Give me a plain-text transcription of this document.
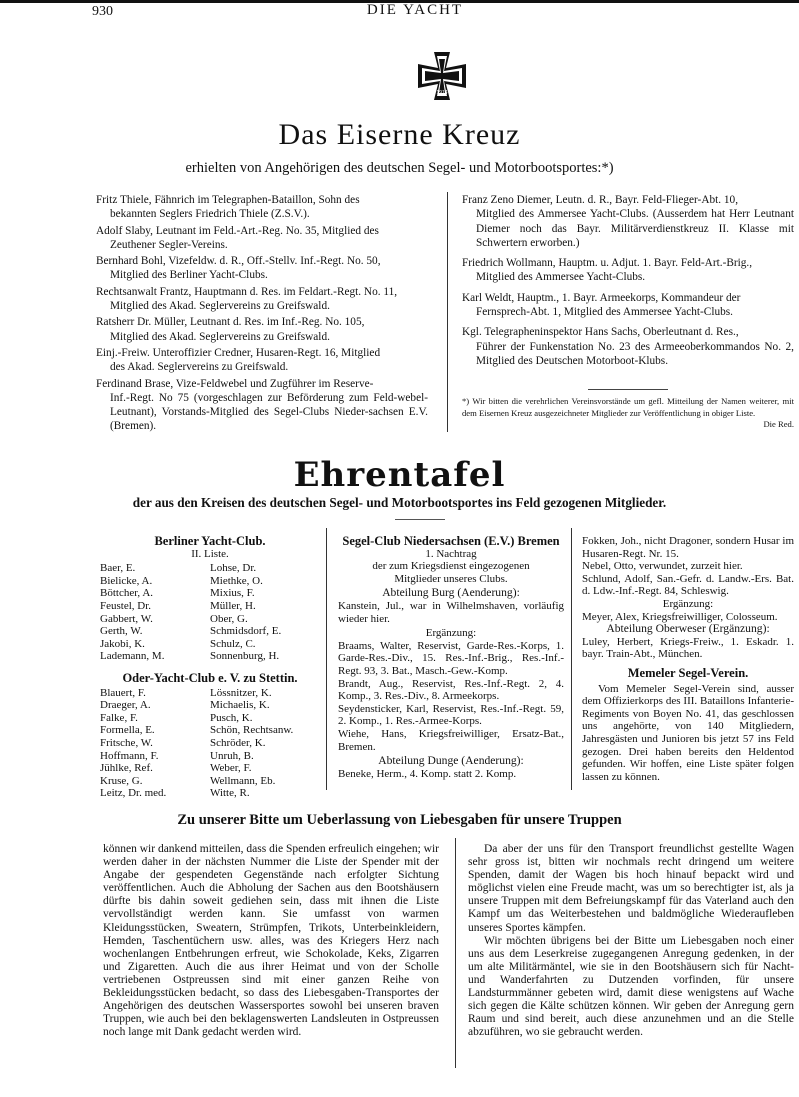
930	DIE YACHT
1914
Das Eiserne Kreuz
erhielten von Angehörigen des deutschen Segel- und Motorbootsportes:*)
Fritz Thiele, Fähnrich im Telegraphen-Bataillon, Sohn des
bekannten Seglers Friedrich Thiele (Z.S.V.).
Adolf Slaby, Leutnant im Feld.-Art.-Reg. No. 35, Mitglied des
Zeuthener Segler-Vereins.
Bernhard Bohl, Vizefeldw. d. R., Off.-Stellv. Inf.-Regt. No. 50,
Mitglied des Berliner Yacht-Clubs.
Rechtsanwalt Frantz, Hauptmann d. Res. im Feldart.-Regt. No. 11,
Mitglied des Akad. Seglervereins zu Greifswald.
Ratsherr Dr. Müller, Leutnant d. Res. im Inf.-Reg. No. 105,
Mitglied des Akad. Seglervereins zu Greifswald.
Einj.-Freiw. Unteroffizier Credner, Husaren-Regt. 16, Mitglied
des Akad. Seglervereins zu Greifswald.
Ferdinand Brase, Vize-Feldwebel und Zugführer im Reserve-
Inf.-Regt. No 75 (vorgeschlagen zur Beförderung zum Feld-webel-Leutnant), Vorstands-Mitglied des Segel-Clubs Nieder-sachsen E.V. (Bremen).
Franz Zeno Diemer, Leutn. d. R., Bayr. Feld-Flieger-Abt. 10,
Mitglied des Ammersee Yacht-Clubs. (Ausserdem hat Herr Leutnant Diemer noch das Bayr. Militärverdienstkreuz II. Klasse mit Schwertern erworben.)
Friedrich Wollmann, Hauptm. u. Adjut. 1. Bayr. Feld-Art.-Brig.,
Mitglied des Ammersee Yacht-Clubs.
Karl Weldt, Hauptm., 1. Bayr. Armeekorps, Kommandeur der
Fernsprech-Abt. 1, Mitglied des Ammersee Yacht-Clubs.
Kgl. Telegrapheninspektor Hans Sachs, Oberleutnant d. Res.,
Führer der Funkenstation No. 23 des Armeeoberkommandos No. 2, Mitglied des Deutschen Motorboot-Klubs.
*) Wir bitten die verehrlichen Vereinsvorstände um gefl. Mitteilung der Namen weiterer, mit dem Eisernen Kreuz ausgezeichneter Mitglieder zur Veröffentlichung in obiger Liste.
Die Red.
Ehrentafel
der aus den Kreisen des deutschen Segel- und Motorbootsportes ins Feld gezogenen Mitglieder.
Berliner Yacht-Club.
II. Liste.
Baer, E.
Bielicke, A.
Böttcher, A.
Feustel, Dr.
Gabbert, W.
Gerth, W.
Jakobi, K.
Lademann, M.
Lohse, Dr.
Miethke, O.
Mixius, F.
Müller, H.
Ober, G.
Schmidsdorf, E.
Schulz, C.
Sonnenburg, H.
Oder-Yacht-Club e. V. zu Stettin.
Blauert, F.
Draeger, A.
Falke, F.
Formella, E.
Fritsche, W.
Hoffmann, F.
Jühlke, Ref.
Kruse, G.
Leitz, Dr. med.
Lössnitzer, K.
Michaelis, K.
Pusch, K.
Schön, Rechtsanw.
Schröder, K.
Unruh, B.
Weber, F.
Wellmann, Eb.
Witte, R.
Segel-Club Niedersachsen (E.V.) Bremen
1. Nachtrag
der zum Kriegsdienst eingezogenen
Mitglieder unseres Clubs.
Abteilung Burg (Aenderung):
Kanstein, Jul., war in Wilhelmshaven, vorläufig wieder hier.
Ergänzung:
Braams, Walter, Reservist, Garde-Res.-Korps, 1. Garde-Res.-Div., 15. Res.-Inf.-Brig., Res.-Inf.-Regt. 93, 3. Bat., Masch.-Gew.-Komp.
Brandt, Aug., Reservist, Res.-Inf.-Regt. 2, 4. Komp., 3. Res.-Div., 8. Armeekorps.
Seydensticker, Karl, Reservist, Res.-Inf.-Regt. 59, 2. Komp., 1. Res.-Armee-Korps.
Wiehe, Hans, Kriegsfreiwilliger, Ersatz-Bat., Bremen.
Abteilung Dunge (Aenderung):
Beneke, Herm., 4. Komp. statt 2. Komp.
Fokken, Joh., nicht Dragoner, sondern Husar im Husaren-Regt. Nr. 15.
Nebel, Otto, verwundet, zurzeit hier.
Schlund, Adolf, San.-Gefr. d. Landw.-Ers. Bat. d. Ldw.-Inf.-Regt. 84, Schleswig.
Ergänzung:
Meyer, Alex, Kriegsfreiwilliger, Colosseum.
Abteilung Oberweser (Ergänzung):
Luley, Herbert, Kriegs-Freiw., 1. Eskadr. 1. bayr. Train-Abt., München.
Memeler Segel-Verein.
Vom Memeler Segel-Verein sind, ausser dem Offizierkorps des III. Bataillons Infanterie-Regiments von Boyen No. 41, das geschlossen uns angehörte, von 140 Mitgliedern, Jahresgästen und Junioren bis jetzt 57 ins Feld gezogen. Drei haben bereits den Heldentod gefunden. Wir hoffen, eine Liste später folgen lassen zu können.
Zu unserer Bitte um Ueberlassung von Liebesgaben für unsere Truppen
können wir dankend mitteilen, dass die Spenden erfreulich eingehen; wir werden daher in der nächsten Nummer die Liste der Spender mit der Angabe der gespendeten Gegenstände nach erfolgter Sichtung veröffentlichen. Auch die Abholung der Sachen aus den Bootshäusern dürfte bis dahin soweit gediehen sein, dass mit ihnen die Liste vervollständigt werden kann. Sie umfasst von warmen Kleidungsstücken, Sweatern, Strümpfen, Trikots, Unterbeinkleidern, Hemden, Taschentüchern usw. alles, was des Kriegers Herz nach wochenlangen Entbehrungen erfreut, wie Schokolade, Keks, Zigarren und Zigaretten. Auch die aus ihrer Heimat und von der Scholle vertriebenen Ostpreussen sind mit einer ganzen Reihe von Bekleidungsstücken bedacht, so dass des Liebesgaben-Transportes der Angehörigen des deutschen Wassersportes sowohl bei unseren braven Truppen, wie auch bei den beklagenswerten Landsleuten in Ostpreussen noch lange mit Dank gedacht werden wird.
Da aber der uns für den Transport freundlichst gestellte Wagen sehr gross ist, bitten wir nochmals recht dringend um weitere Spenden, damit der Wagen bis hoch hinauf bepackt wird und möglichst vielen eine Freude macht, was um so berechtigter ist, als ja unsere Truppen mit dem Befreiungskampf für das Vaterland auch den Kampf um das Weiterbestehen und baldmögliche Wiederaufleben unseres Sportes kämpfen.
Wir möchten übrigens bei der Bitte um Liebesgaben noch einer uns aus dem Leserkreise zugegangenen Anregung gedenken, in der um alte Militärmäntel, wie sie in den Bootshäusern sich für Nacht- und Wanderfahrten zu Dutzenden vorfinden, für unsere Landsturmmänner gebeten wird, damit diese wenigstens auf Wache sich gegen die Kälte schützen können. Wir geben der Anregung gern Raum und sind bereit, auch diese anzunehmen und an die Stelle abzuführen, wo sie gebraucht werden.
